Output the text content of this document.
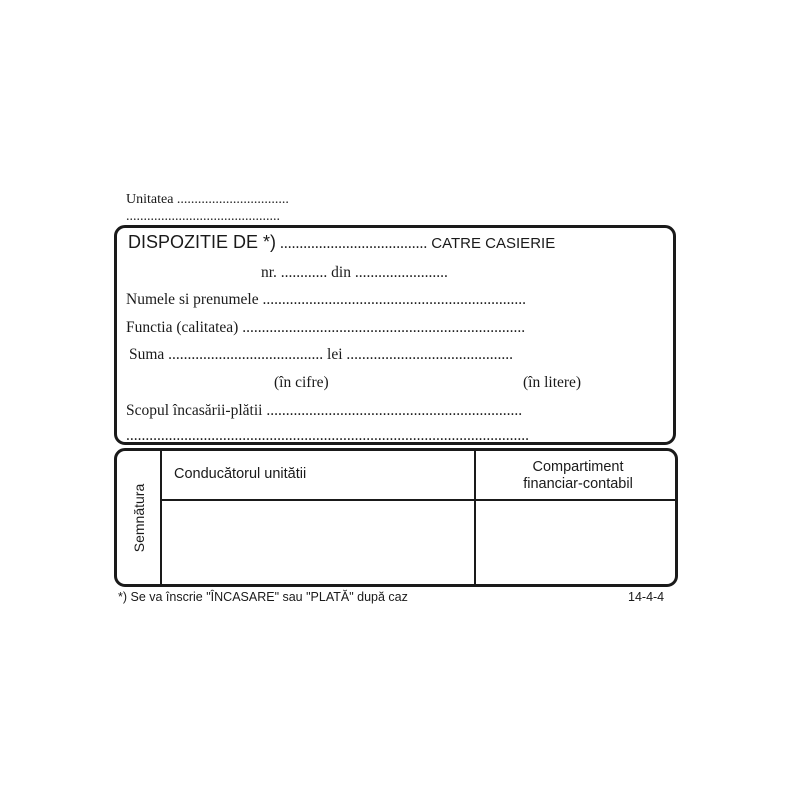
Unitatea ................................
............................................
DISPOZITIE DE *) ...................................... CATRE CASIERIE
nr. ............ din ........................
Numele si prenumele ....................................................................
Functia (calitatea) .........................................................................
Suma ........................................ lei ...........................................
(în cifre)	(în litere)
Scopul încasării-plătii ..................................................................
........................................................................................................
Semnătura
Conducătorul unitătii	Compartiment
financiar-contabil
*) Se va înscrie "ÎNCASARE" sau "PLATĂ" după caz	14-4-4
